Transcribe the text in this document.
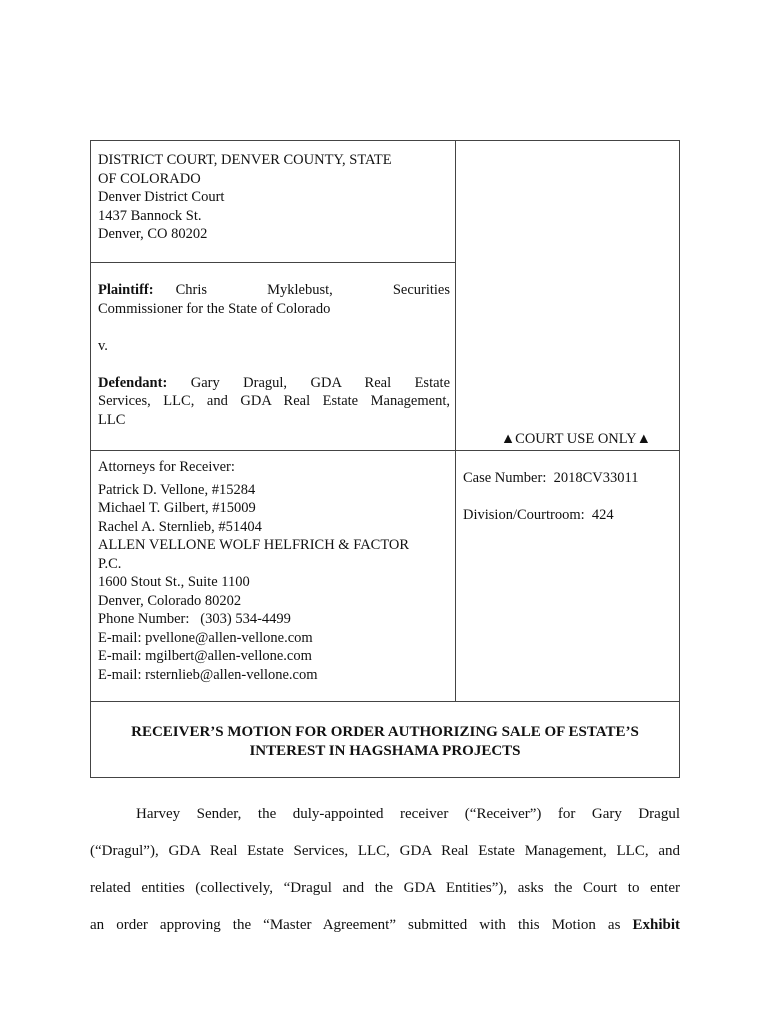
DISTRICT COURT, DENVER COUNTY, STATE
OF COLORADO
Denver District Court
1437 Bannock St.
Denver, CO 80202
Plaintiff: Chris Myklebust, Securities
Commissioner for the State of Colorado
v.
Defendant: Gary Dragul, GDA Real Estate
Services, LLC, and GDA Real Estate Management,
LLC
▲COURT USE ONLY▲
Attorneys for Receiver:
Patrick D. Vellone, #15284
Michael T. Gilbert, #15009
Rachel A. Sternlieb, #51404
ALLEN VELLONE WOLF HELFRICH & FACTOR
P.C.
1600 Stout St., Suite 1100
Denver, Colorado 80202
Phone Number:   (303) 534-4499
E-mail: pvellone@allen-vellone.com
E-mail: mgilbert@allen-vellone.com
E-mail: rsternlieb@allen-vellone.com
Case Number:  2018CV33011
Division/Courtroom:  424
RECEIVER’S MOTION FOR ORDER AUTHORIZING SALE OF ESTATE’S
INTEREST IN HAGSHAMA PROJECTS

Harvey Sender, the duly-appointed receiver (“Receiver”) for Gary Dragul

(“Dragul”), GDA Real Estate Services, LLC, GDA Real Estate Management, LLC, and

related entities (collectively, “Dragul and the GDA Entities”), asks the Court to enter

an order approving the “Master Agreement” submitted with this Motion as Exhibit
